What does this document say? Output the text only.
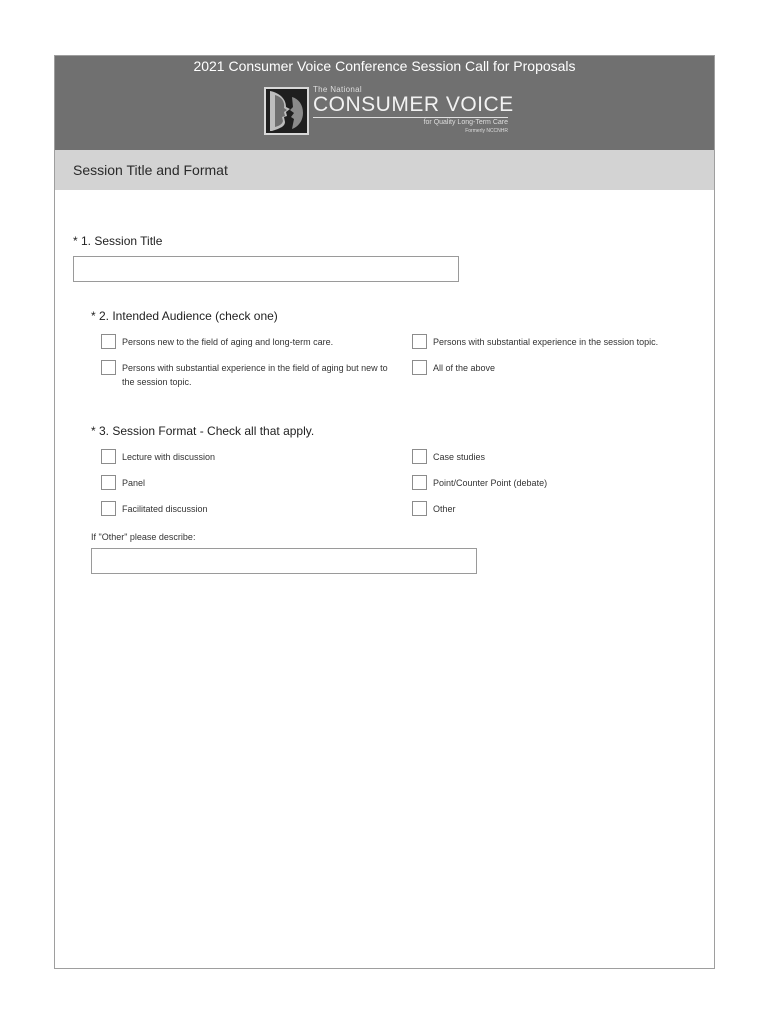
2021 Consumer Voice Conference Session Call for Proposals
The National
CONSUMER VOICE
for Quality Long-Term Care
Formerly NCCNHR
Session Title and Format
* 1. Session Title
* 2. Intended Audience (check one)
Persons new to the field of aging and long-term care.	Persons with substantial experience in the session topic.
Persons with substantial experience in the field of aging but new to the session topic.
All of the above
* 3. Session Format - Check all that apply.
Lecture with discussion	Case studies
Panel	Point/Counter Point (debate)
Facilitated discussion	Other
If "Other" please describe:
